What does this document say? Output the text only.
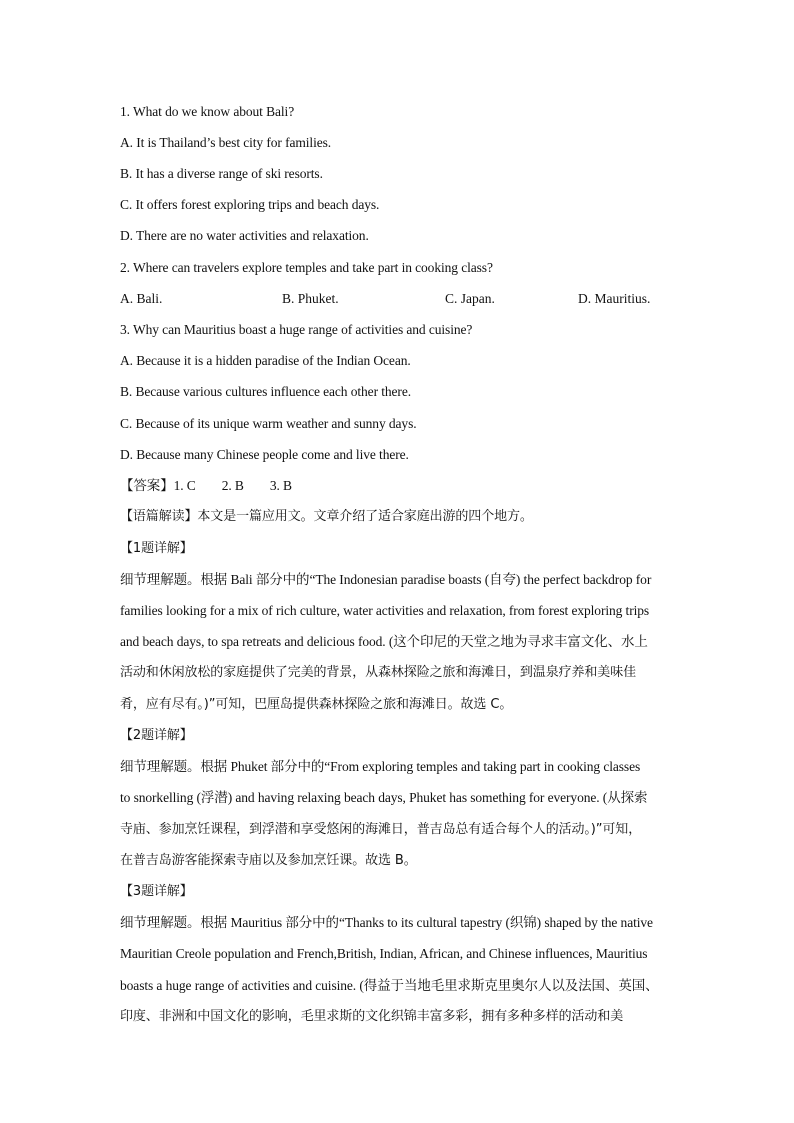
1. What do we know about Bali?
A. It is Thailand’s best city for families.
B. It has a diverse range of ski resorts.
C. It offers forest exploring trips and beach days.
D. There are no water activities and relaxation.
2. Where can travelers explore temples and take part in cooking class?
A. Bali.	B. Phuket.	C. Japan.	D. Mauritius.
3. Why can Mauritius boast a huge range of activities and cuisine?
A. Because it is a hidden paradise of the Indian Ocean.
B. Because various cultures influence each other there.
C. Because of its unique warm weather and sunny days.
D. Because many Chinese people come and live there.
【答案】1. C 2. B 3. B
【语篇解读】本文是一篇应用文。文章介绍了适合家庭出游的四个地方。
【1题详解】
细节理解题。根据 Bali 部分中的“The Indonesian paradise boasts (自夸) the perfect backdrop for
families looking for a mix of rich culture, water activities and relaxation, from forest exploring trips
and beach days, to spa retreats and delicious food. (这个印尼的天堂之地为寻求丰富文化、水上
活动和休闲放松的家庭提供了完美的背景，从森林探险之旅和海滩日，到温泉疗养和美味佳
肴，应有尽有。)”可知，巴厘岛提供森林探险之旅和海滩日。故选 C。
【2题详解】
细节理解题。根据 Phuket 部分中的“From exploring temples and taking part in cooking classes
to snorkelling (浮潜) and having relaxing beach days, Phuket has something for everyone. (从探索
寺庙、参加烹饪课程，到浮潜和享受悠闲的海滩日，普吉岛总有适合每个人的活动。)”可知，
在普吉岛游客能探索寺庙以及参加烹饪课。故选 B。
【3题详解】
细节理解题。根据 Mauritius 部分中的“Thanks to its cultural tapestry (织锦) shaped by the native
Mauritian Creole population and French,British, Indian, African, and Chinese influences, Mauritius
boasts a huge range of activities and cuisine. (得益于当地毛里求斯克里奥尔人以及法国、英国、
印度、非洲和中国文化的影响，毛里求斯的文化织锦丰富多彩，拥有多种多样的活动和美
